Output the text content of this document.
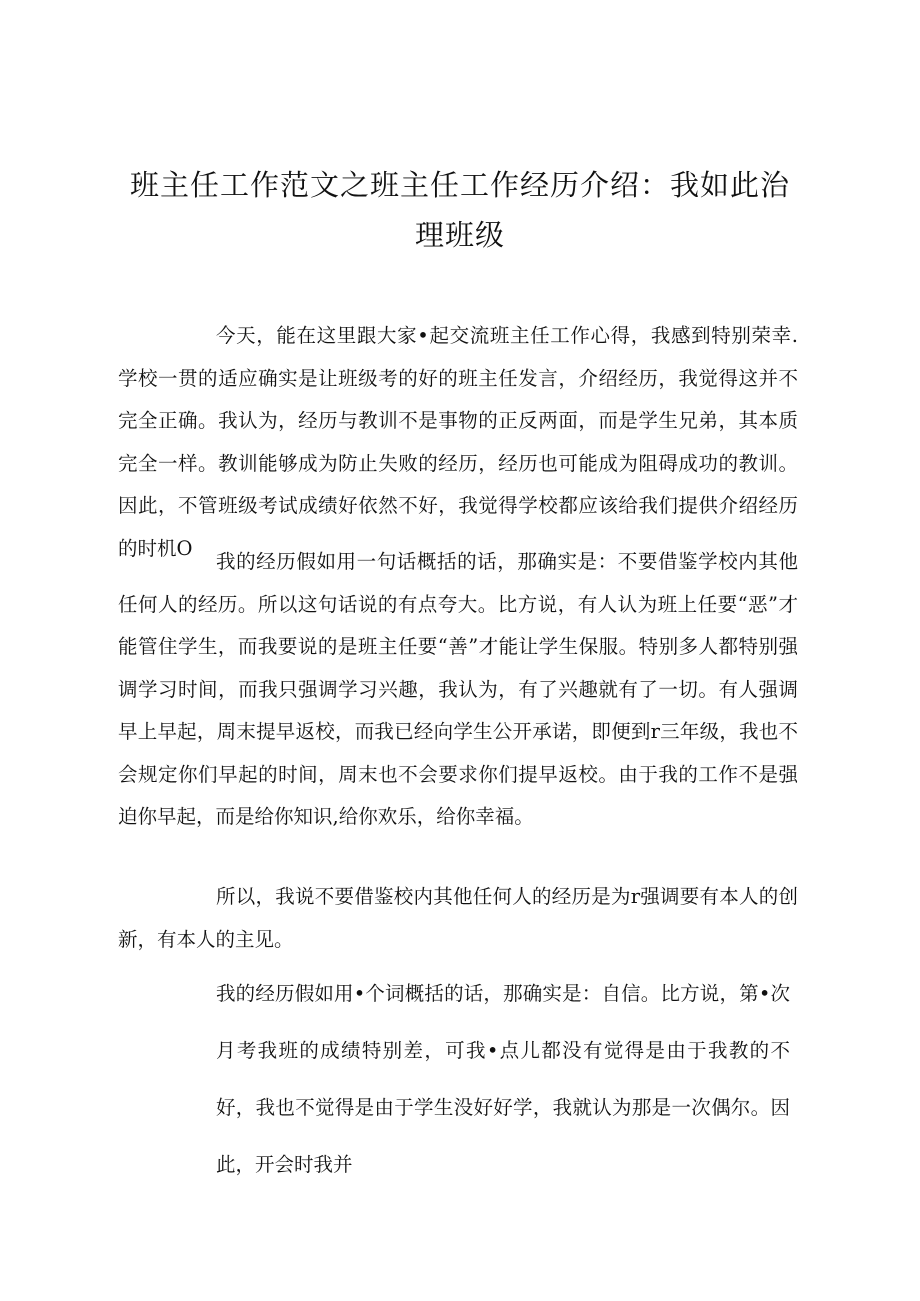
班主任工作范文之班主任工作经历介绍：我如此治理班级

今天，能在这里跟大家•起交流班主任工作心得，我感到特别荣幸.学校一贯的适应确实是让班级考的好的班主任发言，介绍经历，我觉得这并不完全正确。我认为，经历与教训不是事物的正反两面，而是学生兄弟，其本质完全一样。教训能够成为防止失败的经历，经历也可能成为阻碍成功的教训。因此，不管班级考试成绩好依然不好，我觉得学校都应该给我们提供介绍经历的时机O

我的经历假如用一句话概括的话，那确实是：不要借鉴学校内其他任何人的经历。所以这句话说的有点夸大。比方说，有人认为班上任要“恶”才能管住学生，而我要说的是班主任要“善”才能让学生保服。特别多人都特别强调学习时间，而我只强调学习兴趣，我认为，有了兴趣就有了一切。有人强调早上早起，周末提早返校，而我已经向学生公开承诺，即便到r三年级，我也不会规定你们早起的时间，周末也不会要求你们提早返校。由于我的工作不是强迫你早起，而是给你知识,给你欢乐，给你幸福。

所以，我说不要借鉴校内其他任何人的经历是为r强调要有本人的创新，有本人的主见。

我的经历假如用•个词概括的话，那确实是：自信。比方说，第•次月考我班的成绩特别差，可我•点儿都没有觉得是由于我教的不好，我也不觉得是由于学生没好好学，我就认为那是一次偶尔。因此，开会时我并
